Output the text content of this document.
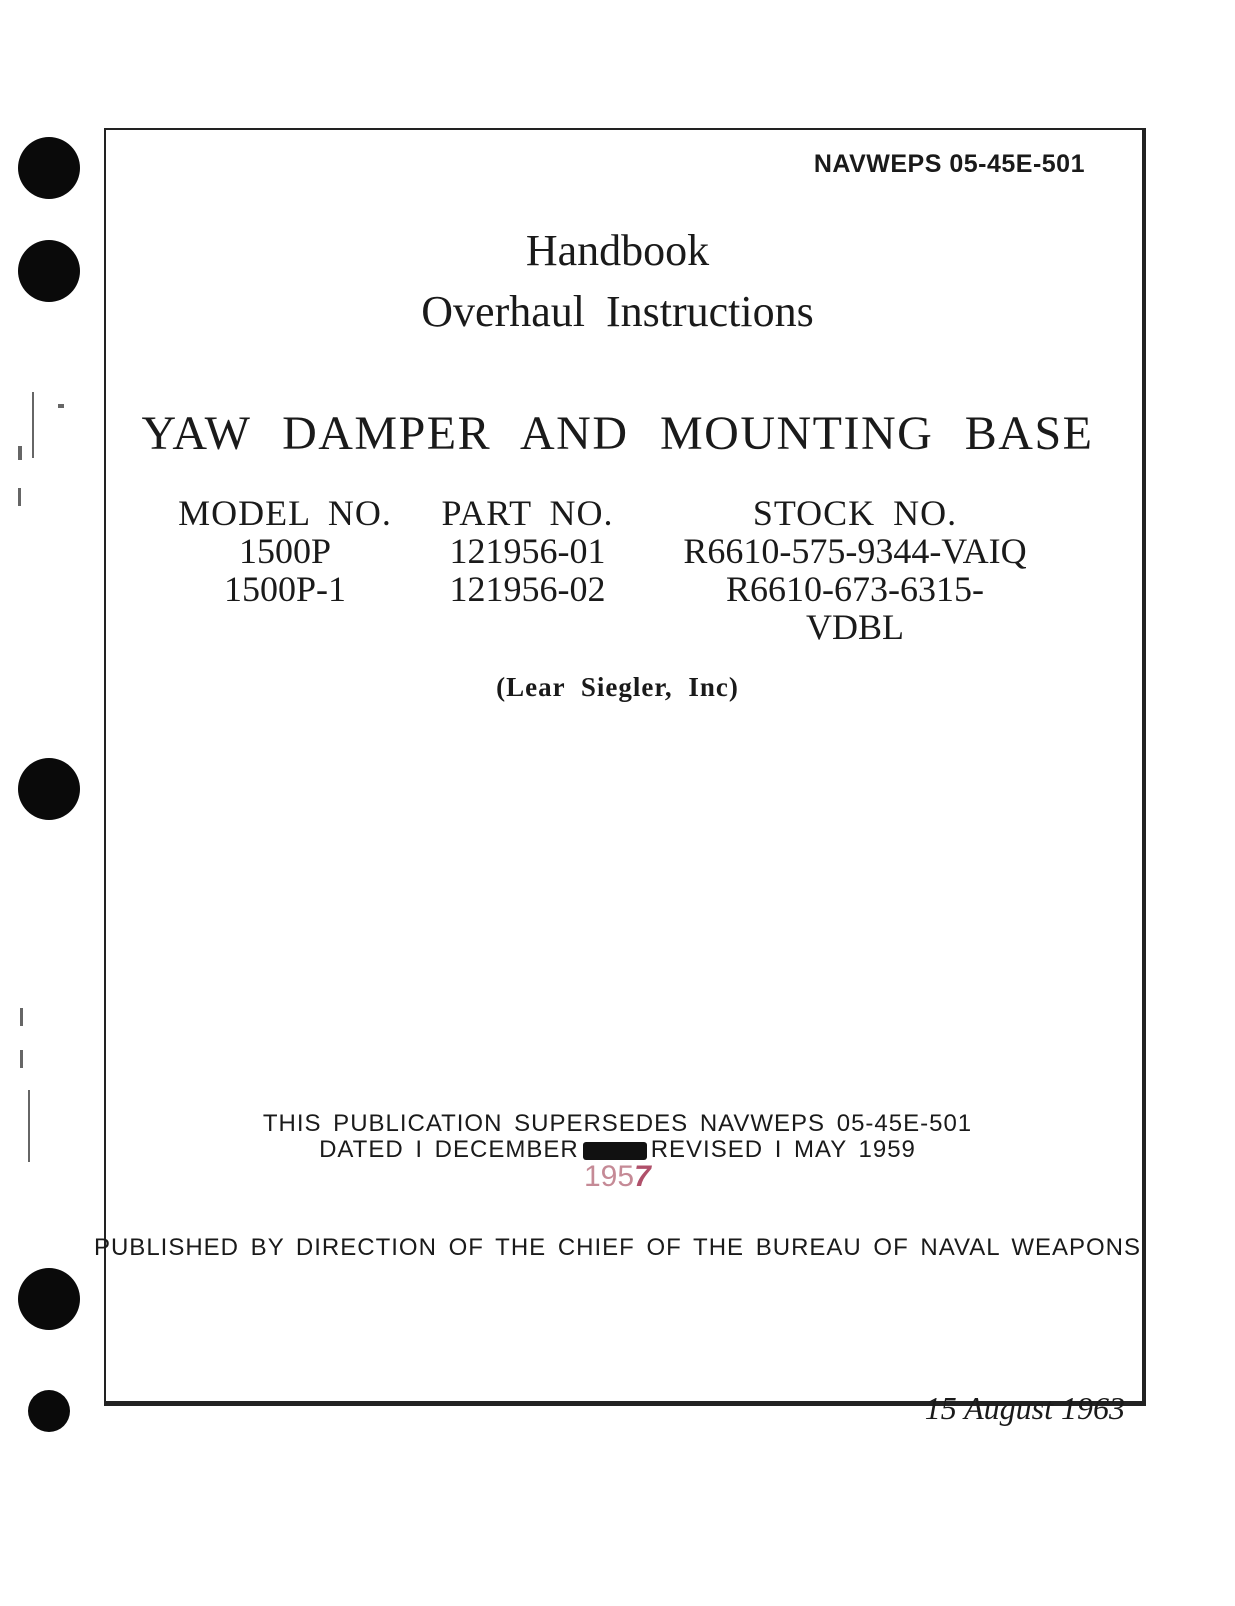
NAVWEPS 05-45E-501
Handbook
Overhaul Instructions
YAW DAMPER AND MOUNTING BASE
MODEL NO.
1500P
1500P-1
PART NO.
121956-01
121956-02
STOCK NO.
R6610-575-9344-VAIQ
R6610-673-6315-VDBL
(Lear Siegler, Inc)
THIS PUBLICATION SUPERSEDES NAVWEPS 05-45E-501
DATED I DECEMBER	REVISED I MAY 1959
1957
PUBLISHED BY DIRECTION OF THE CHIEF OF THE BUREAU OF NAVAL WEAPONS
15 August 1963
